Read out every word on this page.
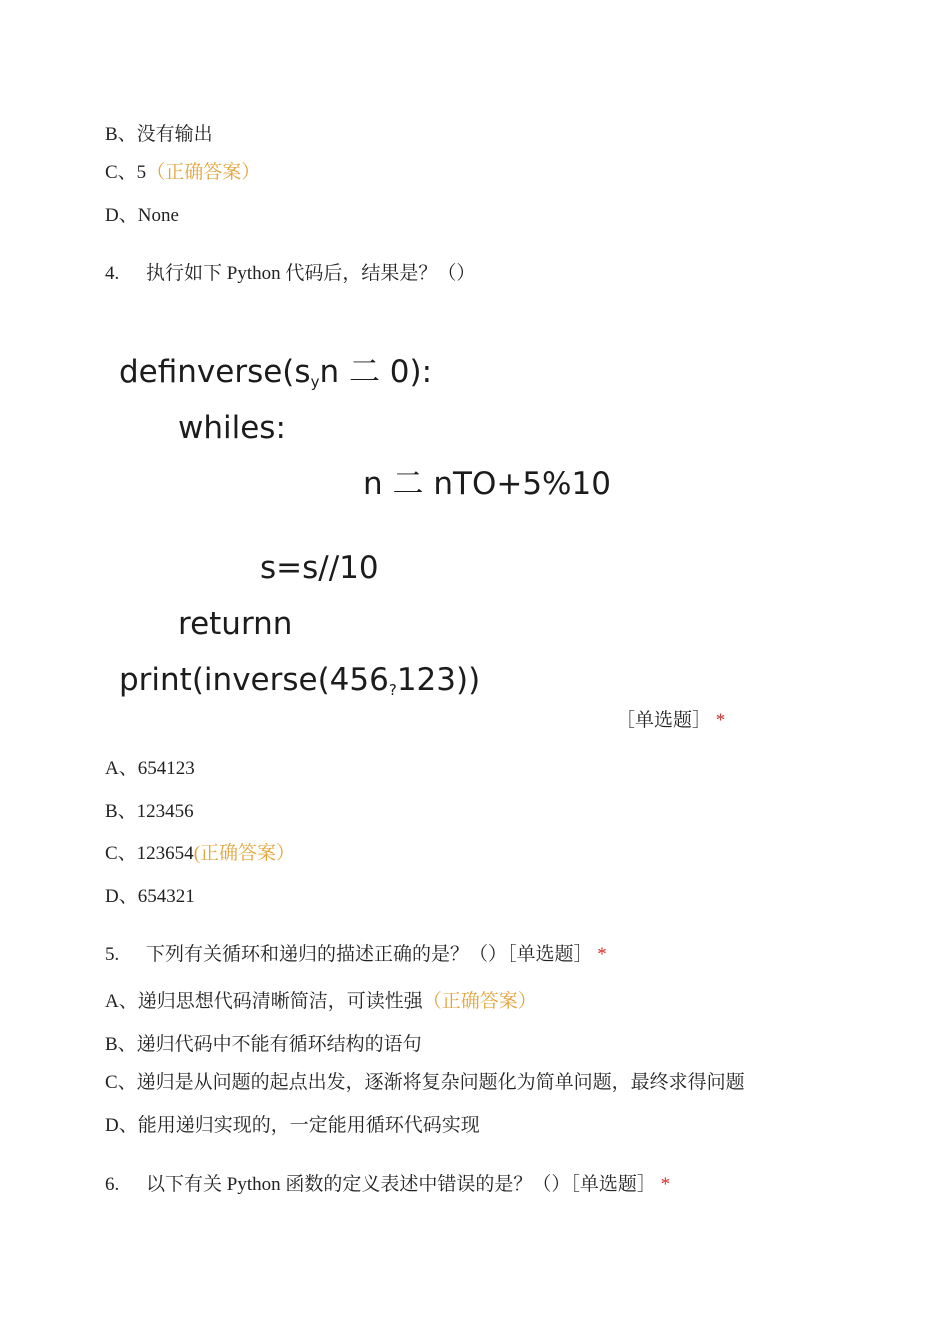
B、没有输出
C、5（正确答案）
D、None
4. 执行如下 Python 代码后，结果是？（）
$definverse(s_yn$ 二 0):
whiles:
n 二 nTO+5%10
s=s//10
returnn
$print(inverse(456_?123))$
［单选题］ *
A、654123
B、123456
C、123654(正确答案）
D、654321
5. 下列有关循环和递归的描述正确的是？（）［单选题］ *
A、递归思想代码清晰简洁，可读性强（正确答案）
B、递归代码中不能有循环结构的语句
C、递归是从问题的起点出发，逐渐将复杂问题化为简单问题，最终求得问题
D、能用递归实现的，一定能用循环代码实现
6. 以下有关 Python 函数的定义表述中错误的是？（）［单选题］ *
